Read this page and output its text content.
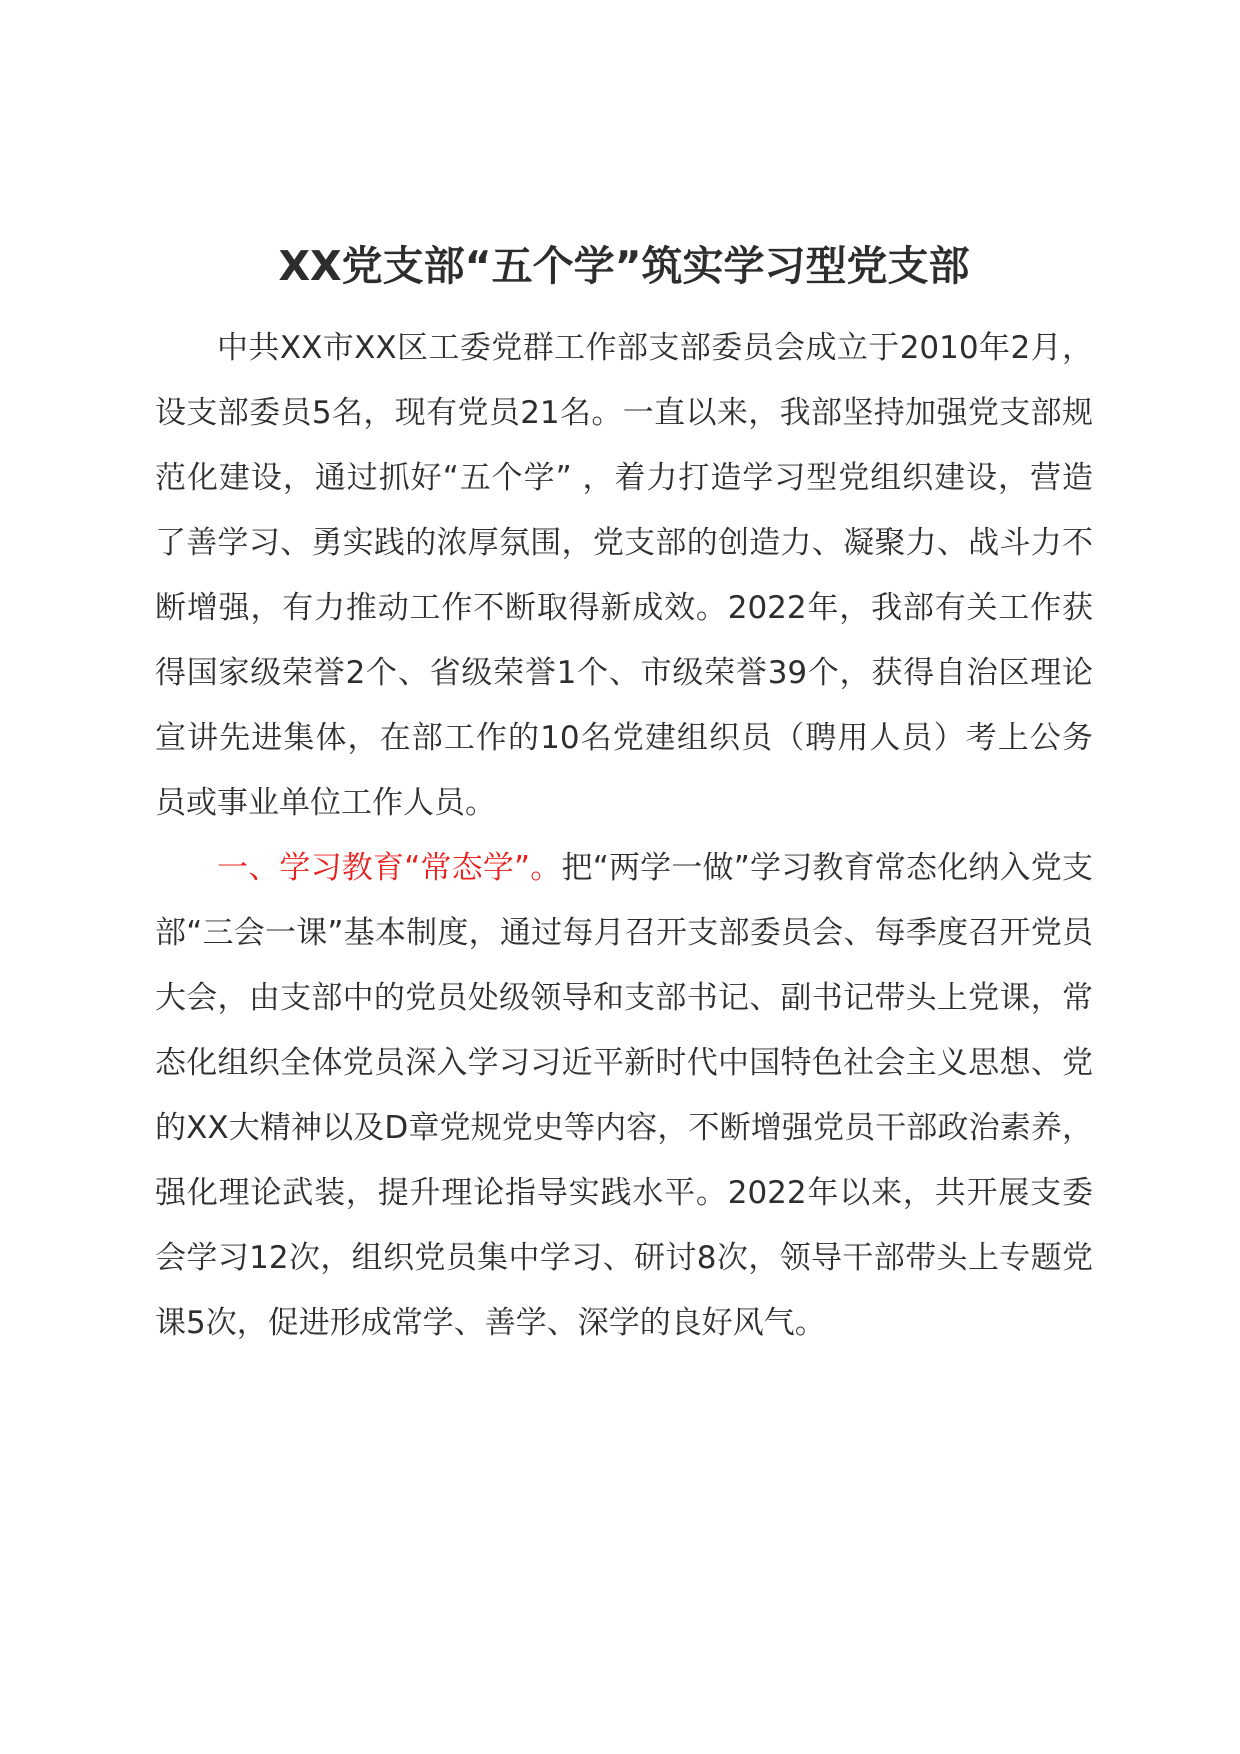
XX党支部“五个学”筑实学习型党支部

中共XX市XX区工委党群工作部支部委员会成立于2010年2月，设支部委员5名，现有党员21名。一直以来，我部坚持加强党支部规范化建设，通过抓好“五个学” ，着力打造学习型党组织建设，营造了善学习、勇实践的浓厚氛围，党支部的创造力、凝聚力、战斗力不断增强，有力推动工作不断取得新成效。2022年，我部有关工作获得国家级荣誉2个、省级荣誉1个、市级荣誉39个，获得自治区理论宣讲先进集体，在部工作的10名党建组织员（聘用人员）考上公务员或事业单位工作人员。

一、学习教育“常态学”。把“两学一做”学习教育常态化纳入党支部“三会一课”基本制度，通过每月召开支部委员会、每季度召开党员大会，由支部中的党员处级领导和支部书记、副书记带头上党课，常态化组织全体党员深入学习习近平新时代中国特色社会主义思想、党的XX大精神以及D章党规党史等内容，不断增强党员干部政治素养，强化理论武装，提升理论指导实践水平。2022年以来，共开展支委会学习12次，组织党员集中学习、研讨8次，领导干部带头上专题党课5次，促进形成常学、善学、深学的良好风气。
